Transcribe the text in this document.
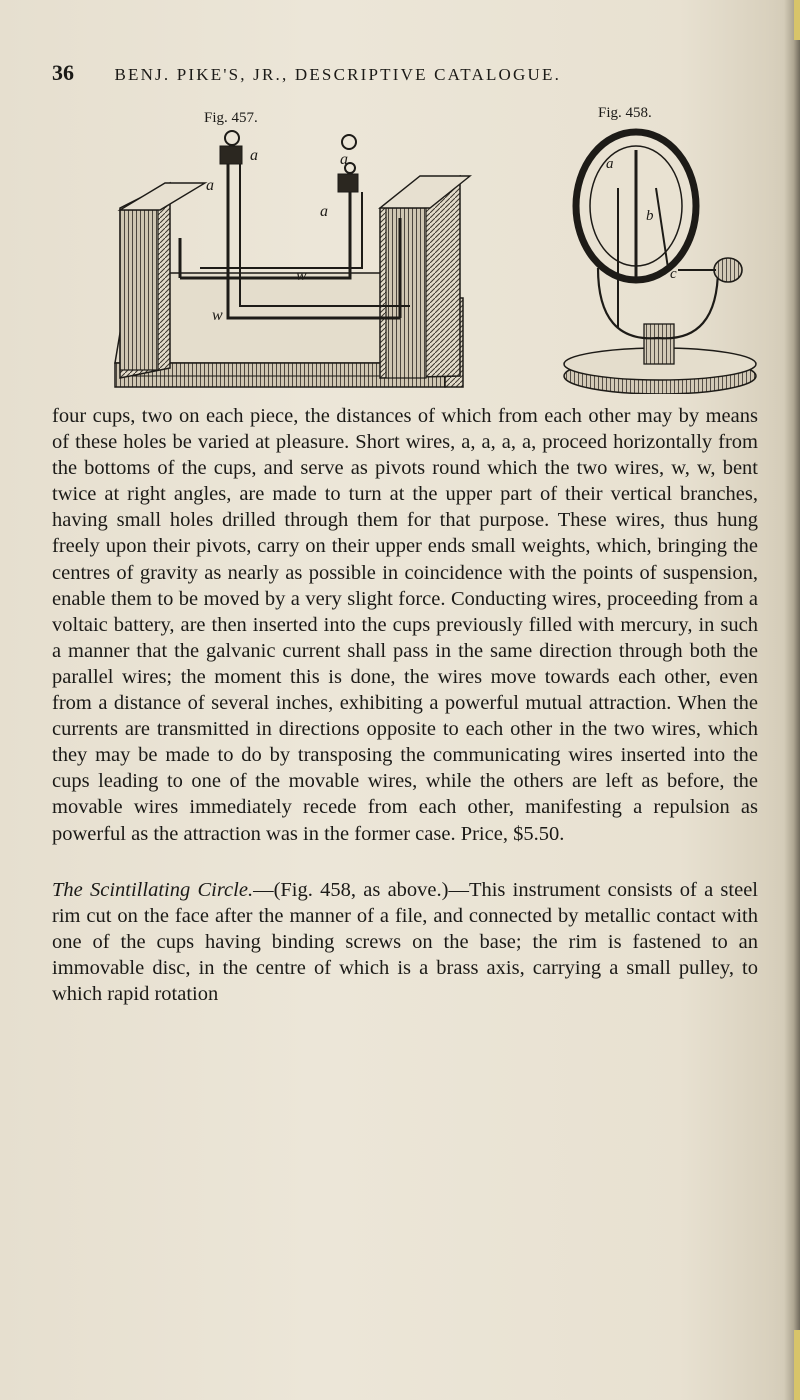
36 BENJ. PIKE'S, JR., DESCRIPTIVE CATALOGUE.
Fig. 457.	Fig. 458.
a
a
a
a
w
w
a
b
c

four cups, two on each piece, the distances of which from each other may by means of these holes be varied at pleasure. Short wires, a, a, a, a, proceed horizontally from the bottoms of the cups, and serve as pivots round which the two wires, w, w, bent twice at right angles, are made to turn at the upper part of their vertical branches, having small holes drilled through them for that purpose. These wires, thus hung freely upon their pivots, carry on their upper ends small weights, which, bringing the centres of gravity as nearly as possible in coincidence with the points of suspension, enable them to be moved by a very slight force. Conducting wires, proceeding from a voltaic battery, are then inserted into the cups previously filled with mercury, in such a manner that the galvanic current shall pass in the same direction through both the parallel wires; the moment this is done, the wires move towards each other, even from a distance of several inches, exhibiting a powerful mutual attraction. When the currents are transmitted in directions opposite to each other in the two wires, which they may be made to do by transposing the communicating wires inserted into the cups leading to one of the movable wires, while the others are left as before, the movable wires immediately recede from each other, manifesting a repulsion as powerful as the attraction was in the former case. Price, $5.50.

The Scintillating Circle.—(Fig. 458, as above.)—This instrument consists of a steel rim cut on the face after the manner of a file, and connected by metallic contact with one of the cups having binding screws on the base; the rim is fastened to an immovable disc, in the centre of which is a brass axis, carrying a small pulley, to which rapid rotation
